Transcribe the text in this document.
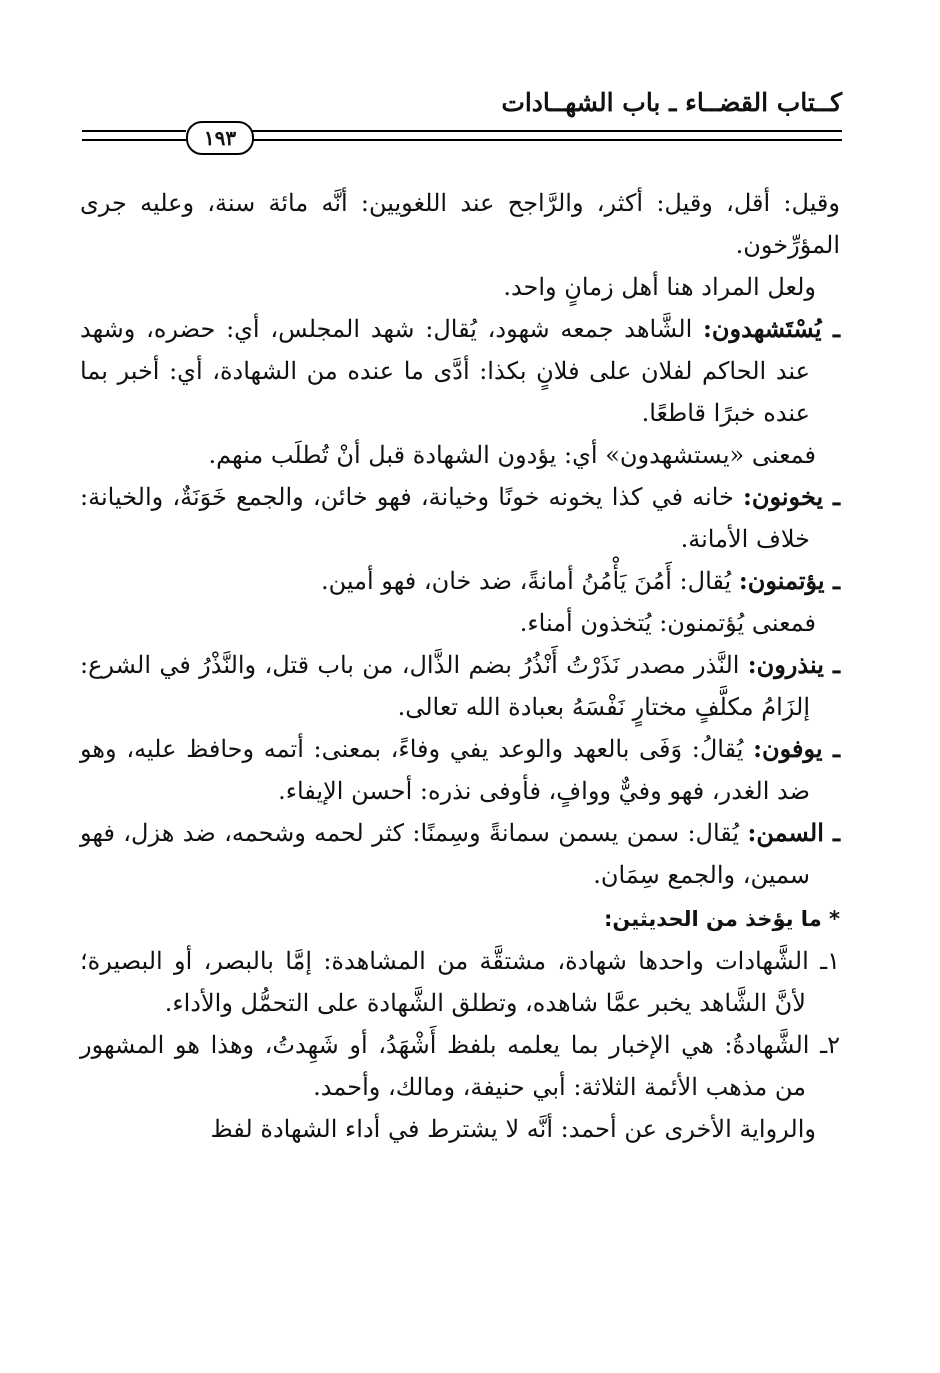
كــتاب القضــاء ـ باب الشهــادات
١٩٣

وقيل: أقل، وقيل: أكثر، والرَّاجح عند اللغويين: أنَّه مائة سنة، وعليه جرى المؤرِّخون.

ولعل المراد هنا أهل زمانٍ واحد.

ـ يُسْتَشهدون: الشَّاهد جمعه شهود، يُقال: شهد المجلس، أي: حضره، وشهد عند الحاكم لفلان على فلانٍ بكذا: أدَّى ما عنده من الشهادة، أي: أخبر بما عنده خبرًا قاطعًا.

فمعنى «يستشهدون» أي: يؤدون الشهادة قبل أنْ تُطلَب منهم.

ـ يخونون: خانه في كذا يخونه خونًا وخيانة، فهو خائن، والجمع خَوَنَةٌ، والخيانة: خلاف الأمانة.

ـ يؤتمنون: يُقال: أَمُنَ يَأْمُنُ أمانةً، ضد خان، فهو أمين.

فمعنى يُؤتمنون: يُتخذون أمناء.

ـ ينذرون: النَّذر مصدر نَذَرْتُ أَنْذُرُ بضم الذَّال، من باب قتل، والنَّذْرُ في الشرع: إلزَامُ مكلَّفٍ مختارٍ نَفْسَهُ بعبادة الله تعالى.

ـ يوفون: يُقالُ: وَفَى بالعهد والوعد يفي وفاءً، بمعنى: أتمه وحافظ عليه، وهو ضد الغدر، فهو وفيٌّ ووافٍ، فأوفى نذره: أحسن الإيفاء.

ـ السمن: يُقال: سمن يسمن سمانةً وسِمنًا: كثر لحمه وشحمه، ضد هزل، فهو سمين، والجمع سِمَان.

* ما يؤخذ من الحديثين:

١ـ الشَّهادات واحدها شهادة، مشتقَّة من المشاهدة: إمَّا بالبصر، أو البصيرة؛ لأنَّ الشَّاهد يخبر عمَّا شاهده، وتطلق الشَّهادة على التحمُّل والأداء.

٢ـ الشَّهادةُ: هي الإخبار بما يعلمه بلفظ أَشْهَدُ، أو شَهِدتُ، وهذا هو المشهور من مذهب الأئمة الثلاثة: أبي حنيفة، ومالك، وأحمد.

والرواية الأخرى عن أحمد: أنَّه لا يشترط في أداء الشهادة لفظ
